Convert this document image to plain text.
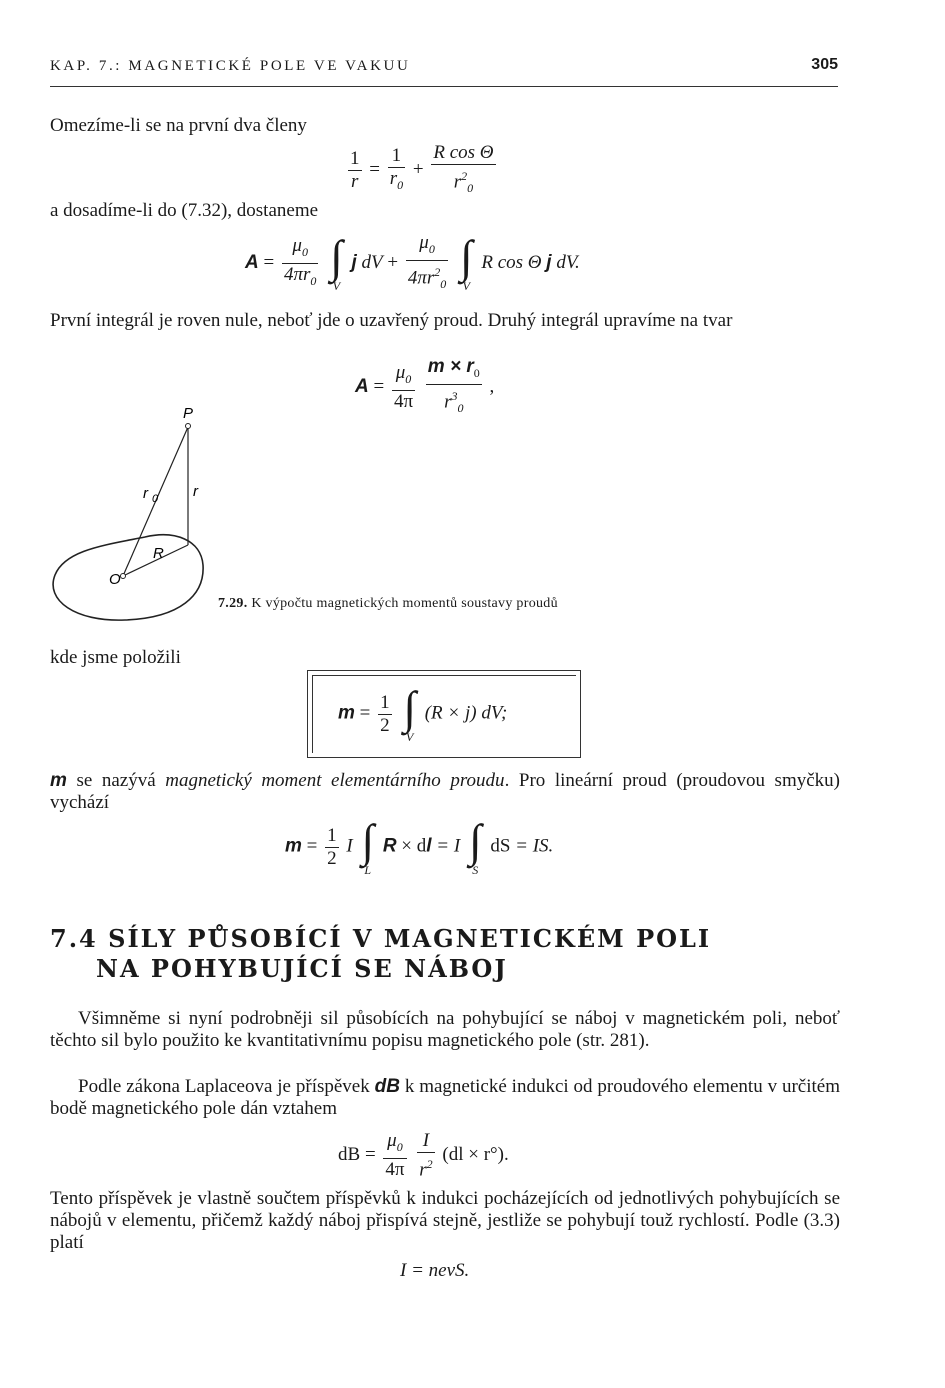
KAP. 7.: MAGNETICKÉ POLE VE VAKUU	305

Omezíme-li se na první dva členy

$\frac{1}{r} = \frac{1}{r_0} + \frac{\text{R cos Θ}}{r^2_0}$

a dosadíme-li do (7.32), dostaneme

$A = \frac{\mu_0}{4\pi r_0}$
∫
V
j dV + $\frac{\mu_0}{4\pi r^2_0}$
∫
V
R cos Θ j dV.

První integrál je roven nule, neboť jde o uzavřený proud. Druhý integrál upravíme na tvar

$A = \frac{\mu_0}{4\pi}$
$\frac{m \times r_0}{r^3_0}$ ,
P
r 0 r
R
O
7.29. K výpočtu magnetických momentů soustavy proudů

kde jsme položili

$m = \frac{1}{2}$
∫
V
(R × j) dV;

m se nazývá magnetický moment elementárního proudu. Pro lineární proud (proudovou smyčku) vychází

$m = \frac{1}{2}$ I ∫
L
R × dl = I ∫
S
dS = IS.
7.4 SÍLY PŮSOBÍCÍ V MAGNETICKÉM POLI
NA POHYBUJÍCÍ SE NÁBOJ

Všimněme si nyní podrobněji sil působících na pohybující se náboj v magnetickém poli, neboť těchto sil bylo použito ke kvantitativnímu popisu magnetického pole (str. 281).

Podle zákona Laplaceova je příspěvek dB k magnetické indukci od proudového elementu v určitém bodě magnetického pole dán vztahem

dB = $\frac{\mu_0}{4\pi}$
$\frac{I}{r^2} (dl \times r^\circ)$.

Tento příspěvek je vlastně součtem příspěvků k indukci pocházejících od jednotlivých pohybujících se nábojů v elementu, přičemž každý náboj přispívá stejně, jestliže se pohybují touž rychlostí. Podle (3.3) platí

I = nevS.
